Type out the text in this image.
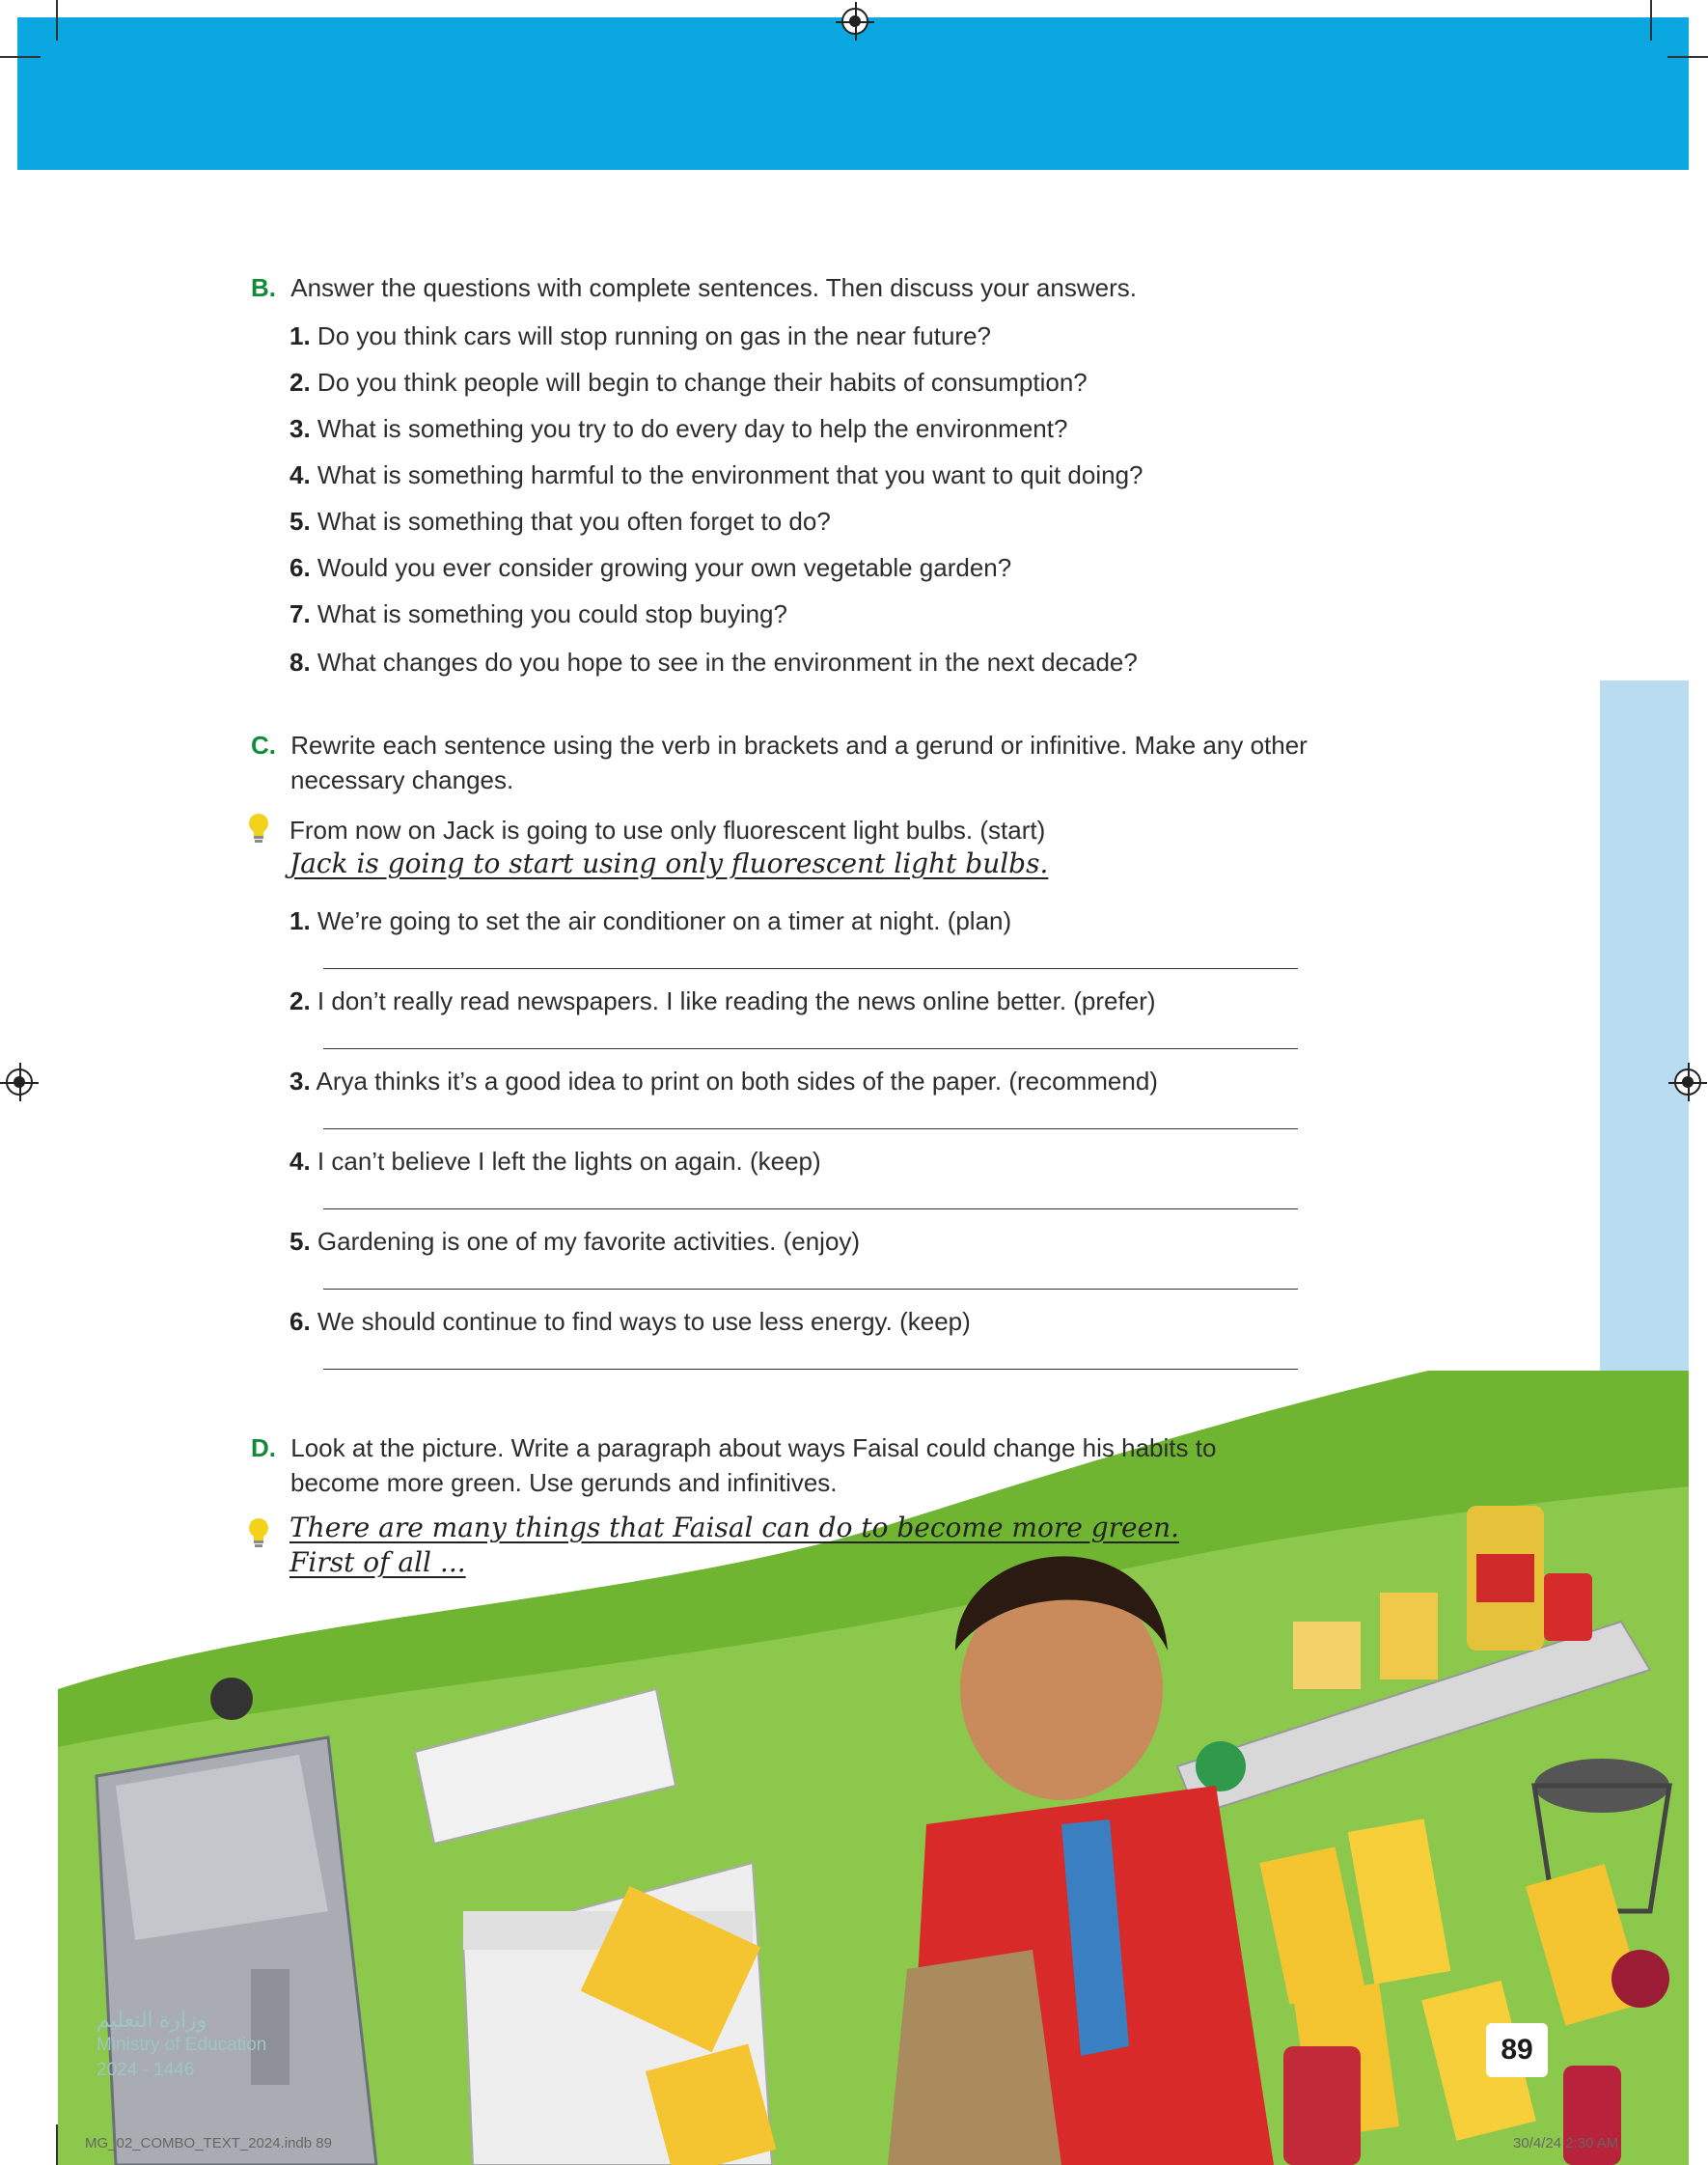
B. Answer the questions with complete sentences. Then discuss your answers.
1. Do you think cars will stop running on gas in the near future?
2. Do you think people will begin to change their habits of consumption?
3. What is something you try to do every day to help the environment?
4. What is something harmful to the environment that you want to quit doing?
5. What is something that you often forget to do?
6. Would you ever consider growing your own vegetable garden?
7. What is something you could stop buying?
8. What changes do you hope to see in the environment in the next decade?
C. Rewrite each sentence using the verb in brackets and a gerund or infinitive. Make any other
necessary changes.
From now on Jack is going to use only fluorescent light bulbs. (start)
Jack is going to start using only fluorescent light bulbs.
1. We’re going to set the air conditioner on a timer at night. (plan)
2. I don’t really read newspapers. I like reading the news online better. (prefer)
3. Arya thinks it’s a good idea to print on both sides of the paper. (recommend)
4. I can’t believe I left the lights on again. (keep)
5. Gardening is one of my favorite activities. (enjoy)
6. We should continue to find ways to use less energy. (keep)
D. Look at the picture. Write a paragraph about ways Faisal could change his habits to
become more green. Use gerunds and infinitives.
There are many things that Faisal can do to become more green.
First of all ...
وزارة التعليم
Ministry of Education
2024 - 1446
89
MG_02_COMBO_TEXT_2024.indb 89	30/4/24 2:30 AM
